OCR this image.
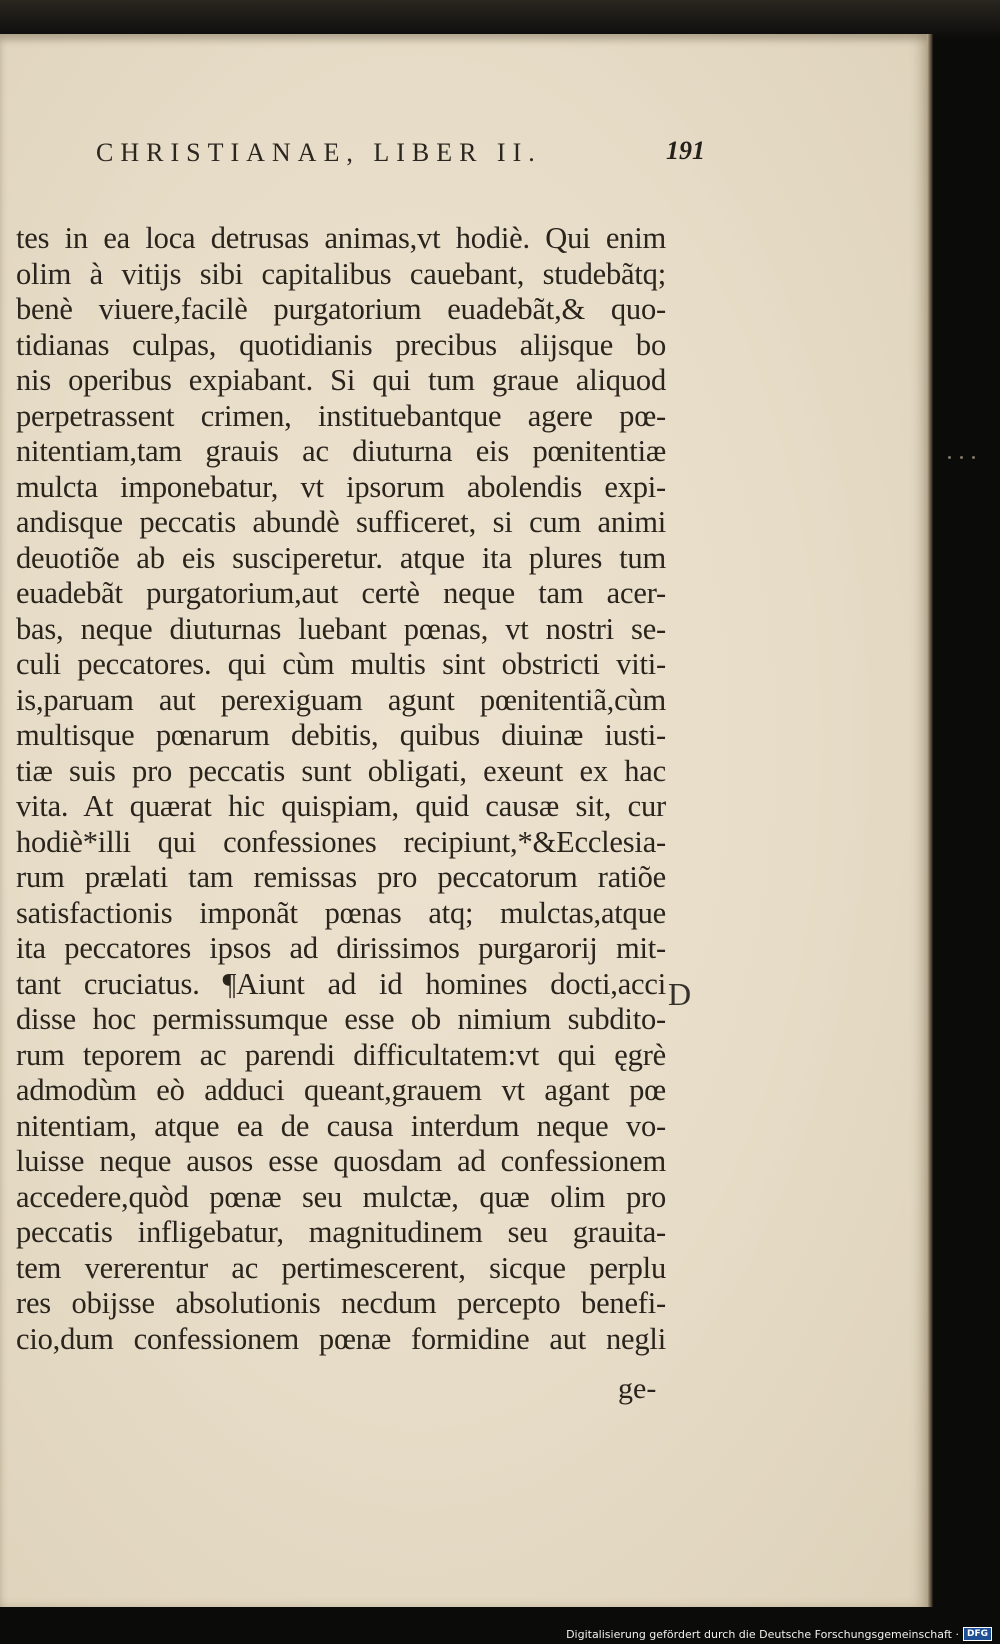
CHRISTIANAE, LIBER II.	191
tes in ea loca detrusas animas,vt hodiè. Qui enim
olim à vitijs sibi capitalibus cauebant, studebãtq;
benè viuere,facilè purgatorium euadebãt,& quo-
tidianas culpas, quotidianis precibus alijsque bo
nis operibus expiabant. Si qui tum graue aliquod
perpetrassent crimen, instituebantque agere pœ-
nitentiam,tam grauis ac diuturna eis pœnitentiæ
mulcta imponebatur, vt ipsorum abolendis expi-
andisque peccatis abundè sufficeret, si cum animi
deuotiõe ab eis susciperetur. atque ita plures tum
euadebãt purgatorium,aut certè neque tam acer-
bas, neque diuturnas luebant pœnas, vt nostri se-
culi peccatores. qui cùm multis sint obstricti viti-
is,paruam aut perexiguam agunt pœnitentiã,cùm
multisque pœnarum debitis, quibus diuinæ iusti-
tiæ suis pro peccatis sunt obligati, exeunt ex hac
vita. At quærat hic quispiam, quid causæ sit, cur
hodiè*illi qui confessiones recipiunt,*&Ecclesia-
rum prælati tam remissas pro peccatorum ratiõe
satisfactionis imponãt pœnas atq; mulctas,atque
ita peccatores ipsos ad dirissimos purgarorij mit-
tant cruciatus. ¶Aiunt ad id homines docti,acci
disse hoc permissumque esse ob nimium subdito-
rum teporem ac parendi difficultatem:vt qui ęgrè
admodùm eò adduci queant,grauem vt agant pœ
nitentiam, atque ea de causa interdum neque vo-
luisse neque ausos esse quosdam ad confessionem
accedere,quòd pœnæ seu mulctæ, quæ olim pro
peccatis infligebatur, magnitudinem seu grauita-
tem vererentur ac pertimescerent, sicque perplu
res obijsse absolutionis necdum percepto benefi-
cio,dum confessionem pœnæ formidine aut negli
D
ge-
Digitalisierung gefördert durch die Deutsche Forschungsgemeinschaft · DFG
